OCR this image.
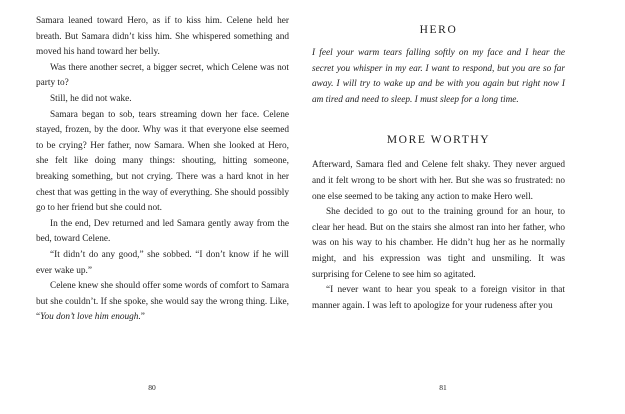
Samara leaned toward Hero, as if to kiss him. Celene held her breath. But Samara didn’t kiss him. She whispered something and moved his hand toward her belly.

Was there another secret, a bigger secret, which Celene was not party to?

Still, he did not wake.

Samara began to sob, tears streaming down her face. Celene stayed, frozen, by the door. Why was it that everyone else seemed to be crying? Her father, now Samara. When she looked at Hero, she felt like doing many things: shouting, hitting someone, breaking something, but not crying. There was a hard knot in her chest that was getting in the way of everything. She should possibly go to her friend but she could not.

In the end, Dev returned and led Samara gently away from the bed, toward Celene.

“It didn’t do any good,” she sobbed. “I don’t know if he will ever wake up.”

Celene knew she should offer some words of comfort to Samara but she couldn’t. If she spoke, she would say the wrong thing. Like, “You don’t love him enough.”

80
HERO

I feel your warm tears falling softly on my face and I hear the secret you whisper in my ear. I want to respond, but you are so far away. I will try to wake up and be with you again but right now I am tired and need to sleep. I must sleep for a long time.

MORE WORTHY

Afterward, Samara fled and Celene felt shaky. They never argued and it felt wrong to be short with her. But she was so frustrated: no one else seemed to be taking any action to make Hero well.

She decided to go out to the training ground for an hour, to clear her head. But on the stairs she almost ran into her father, who was on his way to his chamber. He didn’t hug her as he normally might, and his expression was tight and unsmiling. It was surprising for Celene to see him so agitated.

“I never want to hear you speak to a foreign visitor in that manner again. I was left to apologize for your rudeness after you

81
